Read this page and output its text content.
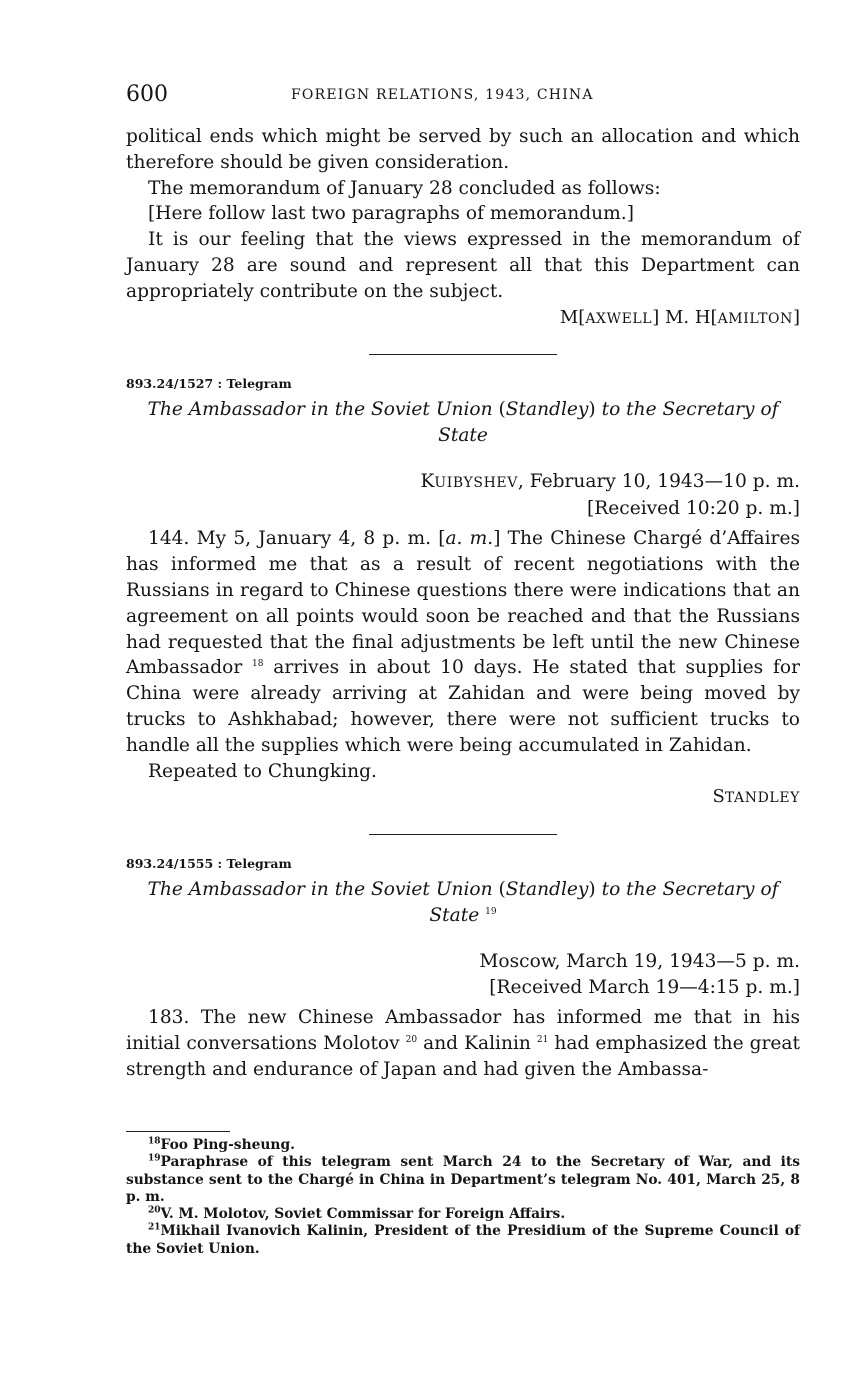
600	FOREIGN RELATIONS, 1943, CHINA

political ends which might be served by such an allocation and which therefore should be given consideration.

The memorandum of January 28 concluded as follows:

[Here follow last two paragraphs of memorandum.]

It is our feeling that the views expressed in the memorandum of January 28 are sound and represent all that this Department can appropriately contribute on the subject.

M[AXWELL] M. H[AMILTON]

893.24/1527 : Telegram

The Ambassador in the Soviet Union (Standley) to the Secretary of State

KUIBYSHEV, February 10, 1943—10 p. m.

[Received 10:20 p. m.]

144. My 5, January 4, 8 p. m. [a. m.] The Chinese Chargé d’Affaires has informed me that as a result of recent negotiations with the Russians in regard to Chinese questions there were indications that an agreement on all points would soon be reached and that the Russians had requested that the final adjustments be left until the new Chinese Ambassador $^{18}$ arrives in about 10 days. He stated that supplies for China were already arriving at Zahidan and were being moved by trucks to Ashkhabad; however, there were not sufficient trucks to handle all the supplies which were being accumulated in Zahidan.

Repeated to Chungking.

STANDLEY

893.24/1555 : Telegram

The Ambassador in the Soviet Union (Standley) to the Secretary of State $^{19}$

Moscow, March 19, 1943—5 p. m.

[Received March 19—4:15 p. m.]

183. The new Chinese Ambassador has informed me that in his initial conversations Molotov $^{20}$ and Kalinin $^{21}$ had emphasized the great strength and endurance of Japan and had given the Ambassa-

$^{18}$Foo Ping-sheung.

$^{19}$Paraphrase of this telegram sent March 24 to the Secretary of War, and its substance sent to the Chargé in China in Department’s telegram No. 401, March 25, 8 p. m.

$^{20}$V. M. Molotov, Soviet Commissar for Foreign Affairs.

$^{21}$Mikhail Ivanovich Kalinin, President of the Presidium of the Supreme Council of the Soviet Union.
